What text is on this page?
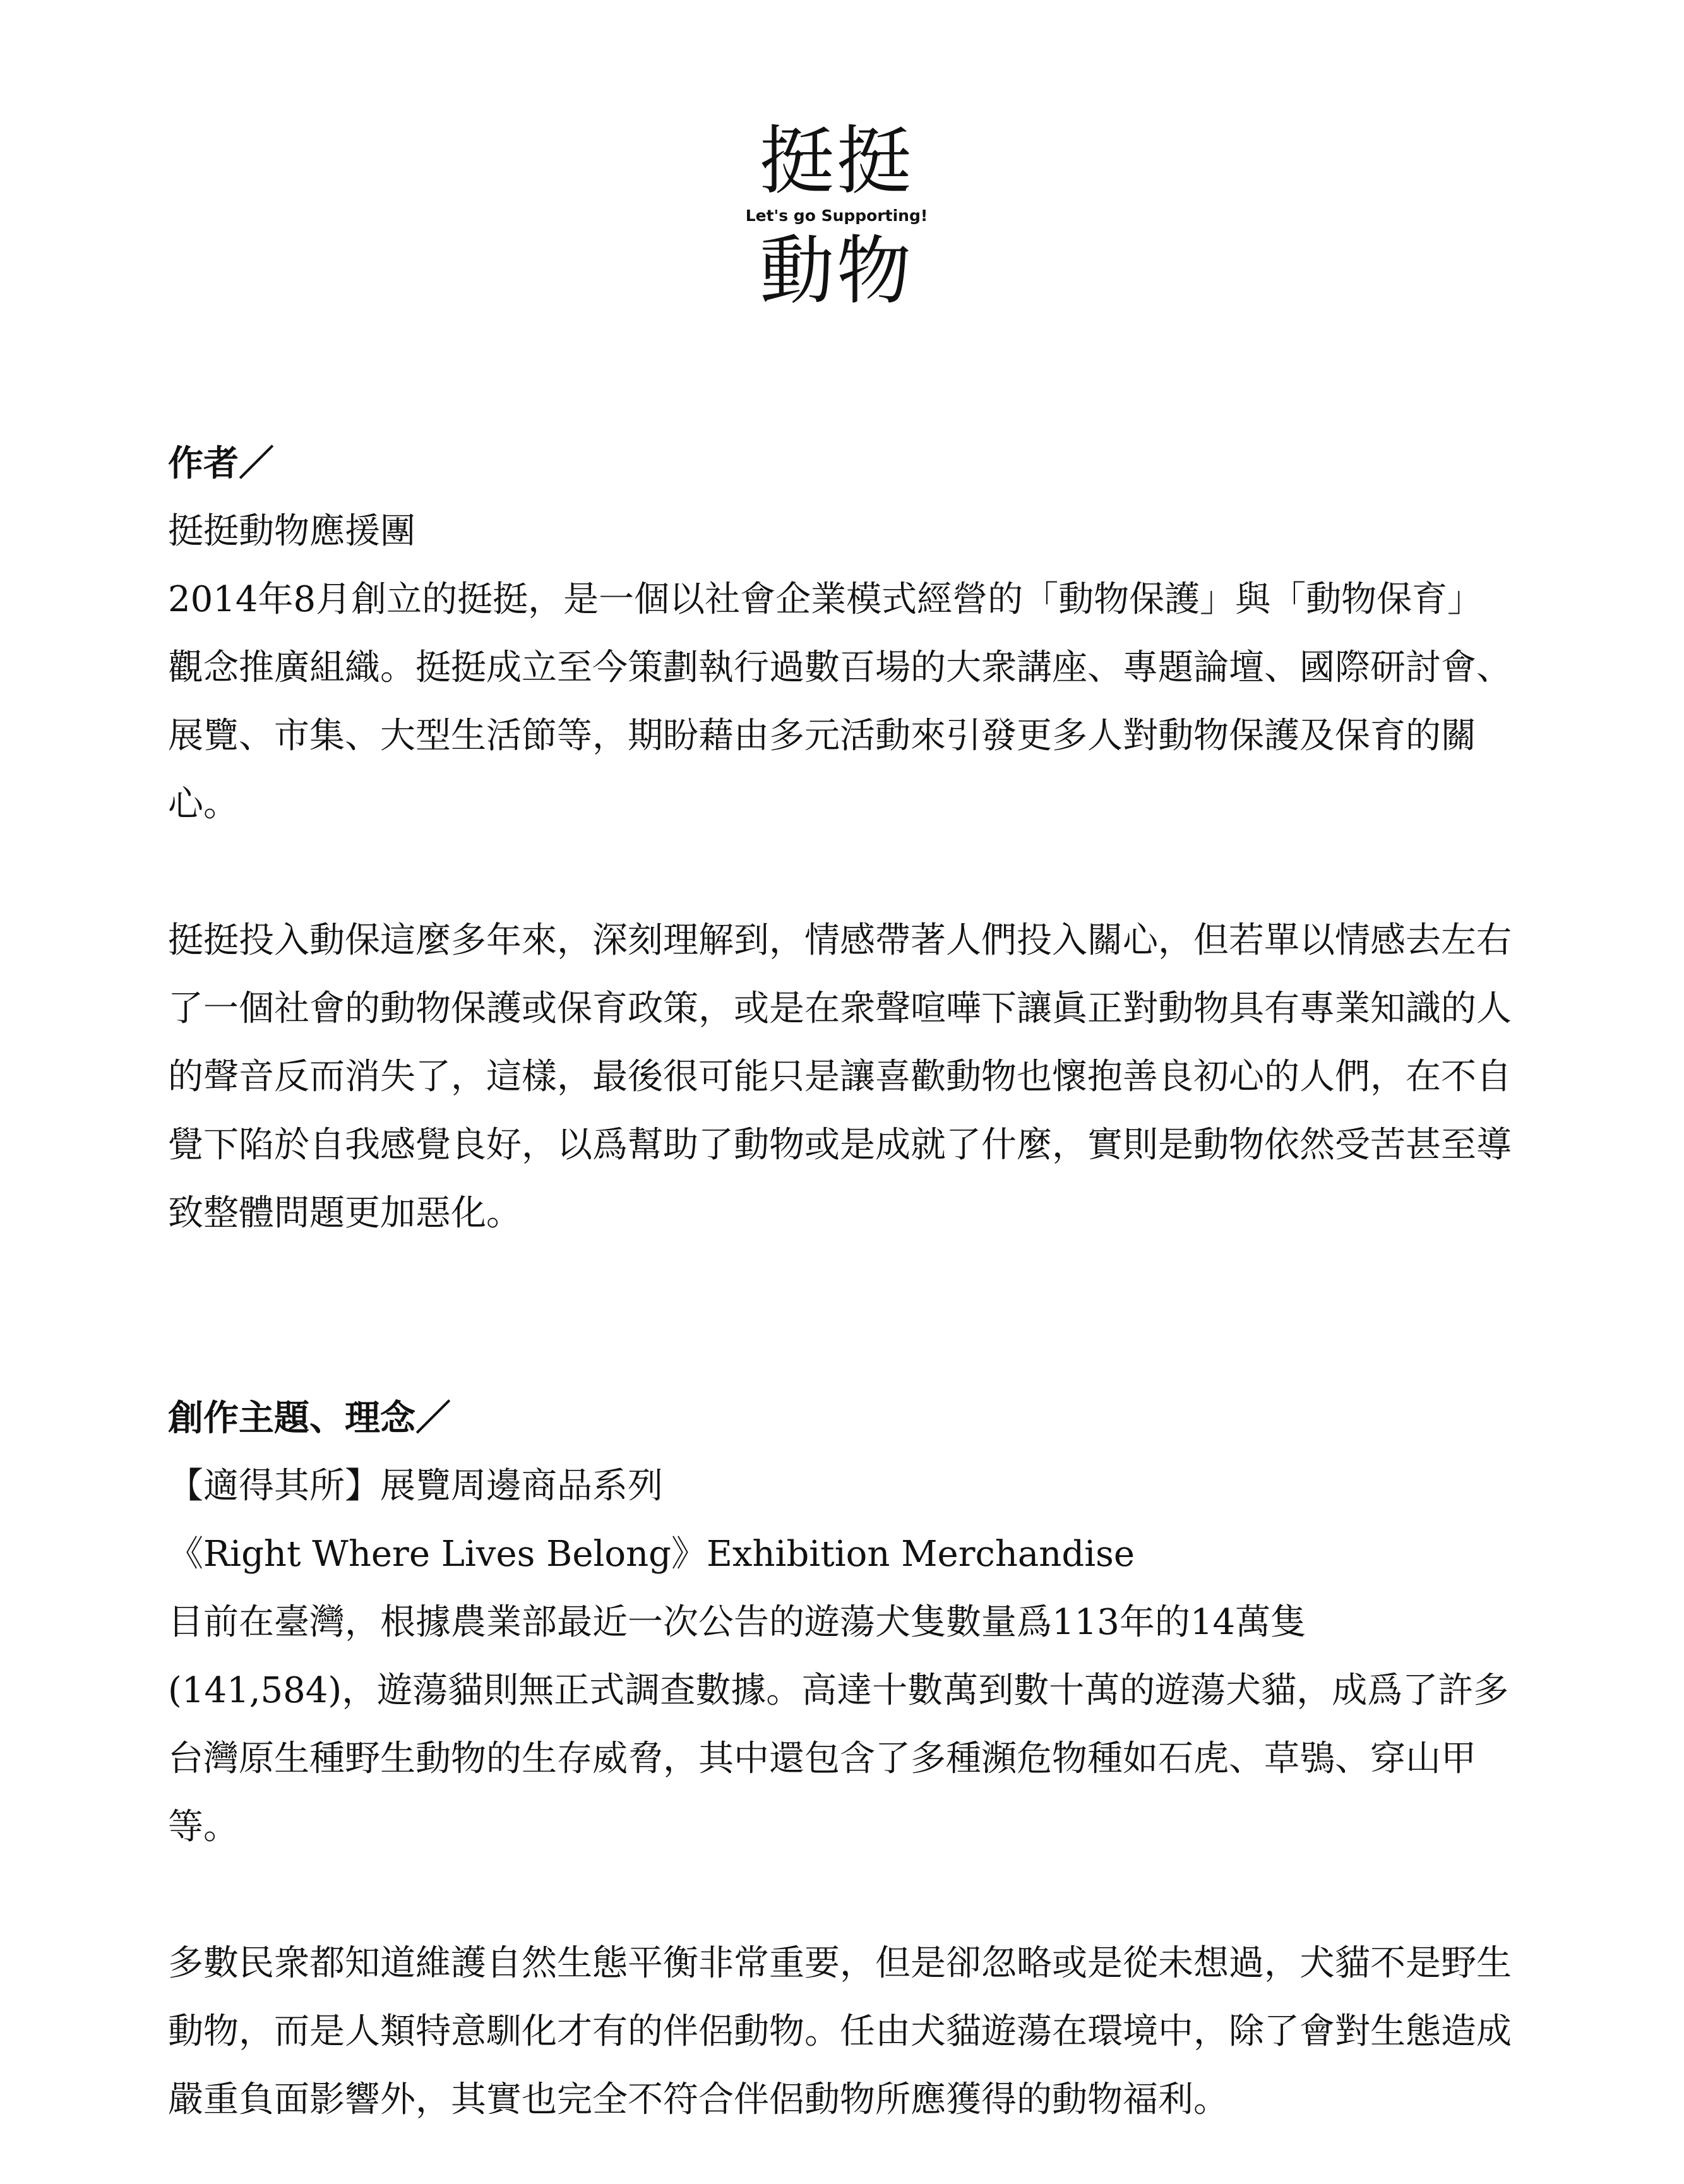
挺挺
Let's go Supporting!
動物

作者／

挺挺動物應援團

2014年8月創立的挺挺，是一個以社會企業模式經營的「動物保護」與「動物保育」觀念推廣組織。挺挺成立至今策劃執行過數百場的大衆講座、專題論壇、國際研討會、展覽、市集、大型生活節等，期盼藉由多元活動來引發更多人對動物保護及保育的關心。

挺挺投入動保這麼多年來，深刻理解到，情感帶著人們投入關心，但若單以情感去左右了一個社會的動物保護或保育政策，或是在衆聲喧嘩下讓眞正對動物具有專業知識的人的聲音反而消失了，這樣，最後很可能只是讓喜歡動物也懷抱善良初心的人們，在不自覺下陷於自我感覺良好，以爲幫助了動物或是成就了什麼，實則是動物依然受苦甚至導致整體問題更加惡化。

創作主題、理念／

【適得其所】展覽周邊商品系列

《Right Where Lives Belong》Exhibition Merchandise

目前在臺灣，根據農業部最近一次公告的遊蕩犬隻數量爲113年的14萬隻(141,584)，遊蕩貓則無正式調查數據。高達十數萬到數十萬的遊蕩犬貓，成爲了許多台灣原生種野生動物的生存威脅，其中還包含了多種瀕危物種如石虎、草鴞、穿山甲等。

多數民衆都知道維護自然生態平衡非常重要，但是卻忽略或是從未想過，犬貓不是野生動物，而是人類特意馴化才有的伴侶動物。任由犬貓遊蕩在環境中，除了會對生態造成嚴重負面影響外，其實也完全不符合伴侶動物所應獲得的動物福利。
